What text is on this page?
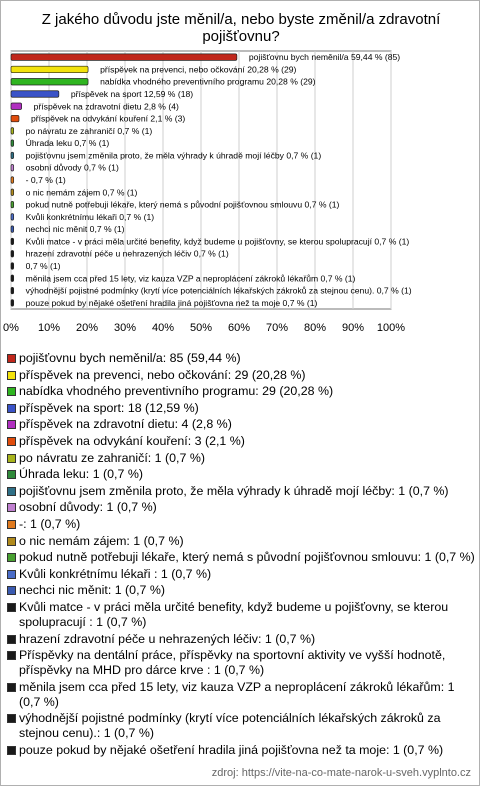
Z jakého důvodu jste měnil/a, nebo byste změnil/a zdravotní pojišťovnu?
0% 10% 20% 30% 40% 50% 60% 70% 80% 90% 100%
pojišťovnu bych neměnil/a 59,44 % (85)
příspěvek na prevenci, nebo očkování 20,28 % (29)
nabídka vhodného preventivního programu 20,28 % (29)
příspěvek na sport 12,59 % (18)
příspěvek na zdravotní dietu 2,8 % (4)
příspěvek na odvykání kouření 2,1 % (3)
po návratu ze zahraničí 0,7 % (1)
Úhrada leku 0,7 % (1)
pojišťovnu jsem změnila proto, že měla výhrady k úhradě mojí léčby 0,7 % (1)
osobní důvody 0,7 % (1)
- 0,7 % (1)
o nic nemám zájem 0,7 % (1)
pokud nutně potřebuji lékaře, který nemá s původní pojišťovnou smlouvu 0,7 % (1)
Kvůli konkrétnímu lékaři 0,7 % (1)
nechci nic měnit 0,7 % (1)
Kvůli matce - v práci měla určité benefity, když budeme u pojišťovny, se kterou spolupracují 0,7 % (1)
hrazení zdravotní péče u nehrazených léčiv 0,7 % (1)
0,7 % (1)
měnila jsem cca před 15 lety, viz kauza VZP a neproplácení zákroků lékařům 0,7 % (1)
výhodnější pojistné podmínky (krytí více potenciálních lékařských zákroků za stejnou cenu). 0,7 % (1)
pouze pokud by nějaké ošetření hradila jiná pojišťovna než ta moje 0,7 % (1)
pojišťovnu bych neměnil/a: 85 (59,44 %)
příspěvek na prevenci, nebo očkování: 29 (20,28 %)
nabídka vhodného preventivního programu: 29 (20,28 %)
příspěvek na sport: 18 (12,59 %)
příspěvek na zdravotní dietu: 4 (2,8 %)
příspěvek na odvykání kouření: 3 (2,1 %)
po návratu ze zahraničí: 1 (0,7 %)
Úhrada leku: 1 (0,7 %)
pojišťovnu jsem změnila proto, že měla výhrady k úhradě mojí léčby: 1 (0,7 %)
osobní důvody: 1 (0,7 %)
-: 1 (0,7 %)
o nic nemám zájem: 1 (0,7 %)
pokud nutně potřebuji lékaře, který nemá s původní pojišťovnou smlouvu: 1 (0,7 %)
Kvůli konkrétnímu lékaři : 1 (0,7 %)
nechci nic měnit: 1 (0,7 %)
Kvůli matce - v práci měla určité benefity, když budeme u pojišťovny, se kterou spolupracují : 1 (0,7 %)
hrazení zdravotní péče u nehrazených léčiv: 1 (0,7 %)
Příspěvky na dentální práce, příspěvky na sportovní aktivity ve vyšší hodnotě, příspěvky na MHD pro dárce krve : 1 (0,7 %)
měnila jsem cca před 15 lety, viz kauza VZP a neproplácení zákroků lékařům: 1 (0,7 %)
výhodnější pojistné podmínky (krytí více potenciálních lékařských zákroků za stejnou cenu).: 1 (0,7 %)
pouze pokud by nějaké ošetření hradila jiná pojišťovna než ta moje: 1 (0,7 %)
zdroj: https://vite-na-co-mate-narok-u-sveh.vyplnto.cz
